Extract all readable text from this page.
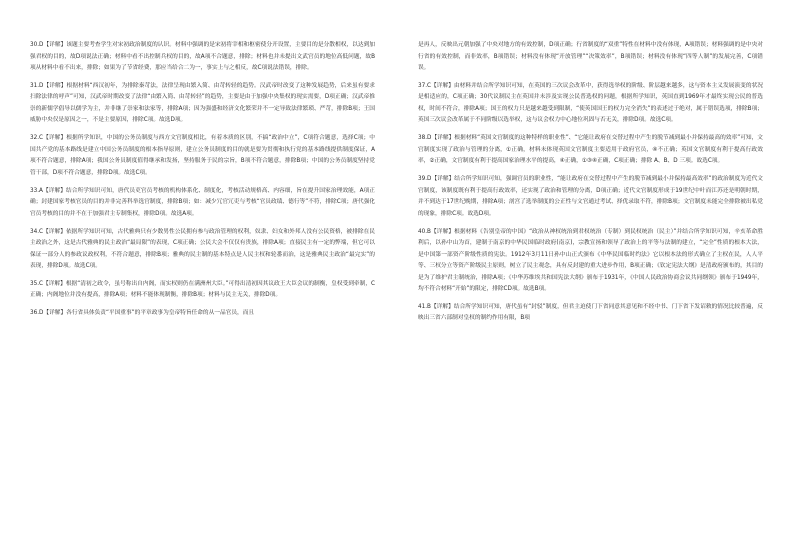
30.D【详解】该题主要考查学生对宋初政治制度的认识。材料中强调的是宋初将宰相和枢密使分开设置，主要目的是分散相权，以达到加强君权的目的，故D项说法正确；材料中看不出控制兵权的目的，故A项不合题意，排除；材料也并未提出文武官员的地位高低问题，故B项从材料中看不出来，排除；如果为了节省经费，那应当给合二为一，事实上与之相反，故C项说法错误，排除。

31.D【详解】根据材料“西汉初年，为排除秦苛法，法律呈现由繁入简、由苛转轻的趋势。汉武帝时改变了这种发展趋势，后来虽有要求扫除法律的呼声”可知，汉武帝时期改变了法律“由繁入简、由苛转轻”的趋势，主要是由于加强中央集权的现实需要，D项正确；汉武帝推崇的新儒学倡导以儒学为主，并非继了崇家和法家等，排除A项；因为强盛和经济文化繁荣并不一定导致法律繁琐、严苛，排除B项；王国威胁中央仅是原因之一，不是主要原因，排除C项。故选D项。

32.C【详解】根据所学知识，中国的公务员制度与西方文官制度相比，有着本质的区别，不搞“政治中立”，C项符合题意，选择C项；中国共产党的基本路线是建立中国公务员制度的根本指导原则，建立公务员制度的目的就是要为贯彻和执行党的基本路线提供制度保证，A项不符合题意，排除A项；我国公务员制度值得继承和发扬，坚持服务于民的宗旨，B项不符合题意，排除B项；中国的公务员制度坚持党管干部，D项不符合题意，排除D项。故选C项。

33.A【详解】结合所学知识可知，唐代员吏官员考核的机构体系化、制度化，考核活动规格高、内容细，旨在提升国家治理效能，A项正确；封建国家考核官员的目的并非完善科举选官制度，排除B项；如：减少冗官冗吏与考核“官员政绩、德行等”不符，排除C项；唐代强化官员考核的目的并不在于加强君主专制集权，排除D项。故选A项。

34.C【详解】依据所学知识可知，古代雅典只有少数男性公民拥有参与政治管理的权利，奴隶、妇女和外邦人没有公民资格，被排除在民主政治之外，这是古代雅典的民主政治“最局限”的表现，C项正确；公民大会不仅仅有贵族，排除A项；直接民主有一定的弊端，但它可以保证一部分人的参政议政权利，不符合题意，排除B项；雅典的民主制的基本特点是人民主权和轮番而治，这是雅典民主政治“最完实”的表现，排除D项。故选C项。

35.C【详解】根据“清初之政令，虽号称出自内阁，而实权则仍在满洲州大臣。”可得出清初因其议政王大臣会议的制衡，皇权受到牵制，C正确；内阁地位并没有提高，排除A项；材料不能体现制衡，排除B项；材料与民主无关，排除D项。

36.D【详解】各行省具体负责“平国重事”的平章政事为皇帝特旨任命的从一品官员，而且

是再人，反映出元朝加强了中央对地方的有效控制，D项正确；行省制度的“双重”特性在材料中没有体现，A项错误；材料强调的是中央对行省的有效控制，而非效率，B项错误；材料没有体现“开放管理”“决策效率”，B项错误；材料没有体现“四等人制”的发展完善，C项错误。

37.C【详解】由材料并结合所学知识可知，在英国的三次议会改革中，获得选举权的阶级、阶层越来越多，这与资本主义发展演变的状况是相适应的，C项正确；30代议制民主在英国并未涉及实现公民普选权的问题，根据所学知识，英国直到1969年才最终实现公民的普选权，时间不符合，排除A项；国王的权力只是越来越受到限制，“使英国国王的权力完全消失”的表述过于绝对，属于错误选项，排除B项；英国三次议会改革属于不同阶级以选举权，这与议会权力中心地位巩固与否无关，排除D项。故选C项。

38.D【详解】根据材料“英国文官制度的这种特样的职业性”、“它能让政府在交替过程中产生的脱节减到最小并保持最高的效率”可知，文官制度实现了政治与管理的分离，①正确，材料未体现英国文官制度主要适用于政府官员，④不正确；英国文官制度有利于提高行政效率，②正确，文官制度有利于提高国家治理水平的提高，④正确，①③④正确，C项正确；排除 A、B、D 三项。故选C项。

39.D【详解】结合所学知识可知，强调官员的职业性，“能让政府在交替过程中产生的脱节减到最小并保持最高效率”的政治制度为近代文官制度，该制度既有利于提高行政效率，还实现了政治和管理的分离，D项正确；近代文官制度形成于19世纪中叶而江苏还是明朝时期，并不到达于17世纪晚期，排除A项；剖宫了选举制度的公正性与文官通过考试、择优录取不符，排除B项；文官制度未能完全排除被出私党的现象，排除C项。故选D项。

40.B【详解】根据材料《告别皇帝的中国》“政治从神权统治到君权统治（专制）到民权统治（民主）”并结合所学知识可知，辛亥革命胜利后，以孙中山为首，建制于南京的中华民国临时政府(南京)，宗教宣扬和领导了政治上的平等与法制的建立，“完全”性质的根本大法，是中国第一部资产阶级性质的宪法。1912年3月11日孙中山正式颁布《中华民国临时约法》它以根本法的形式确立了主权在民，人人平等、三权分立等资产阶级民主原则，树立了民主观念，具有反封建的重大进步作用，B项正确；《钦定宪法大纲》是清政府颁布的，其目的是为了维护君主制统治，排除A项；《中华苏维埃共和国宪法大纲》颁布于1931年，《中国人民政治协商会议共同纲领》颁布于1949年，均不符合材料“开始”的限定，排除CD项。故选B项。

41.B【详解】结合所学知识可知，唐代虽有“封驳”制度，但君主迫使门下省同意其意见和不经中书、门下省下发诏敕的情况比较普遍，反映出三省六部制对皇权的制约作用有限，B项
